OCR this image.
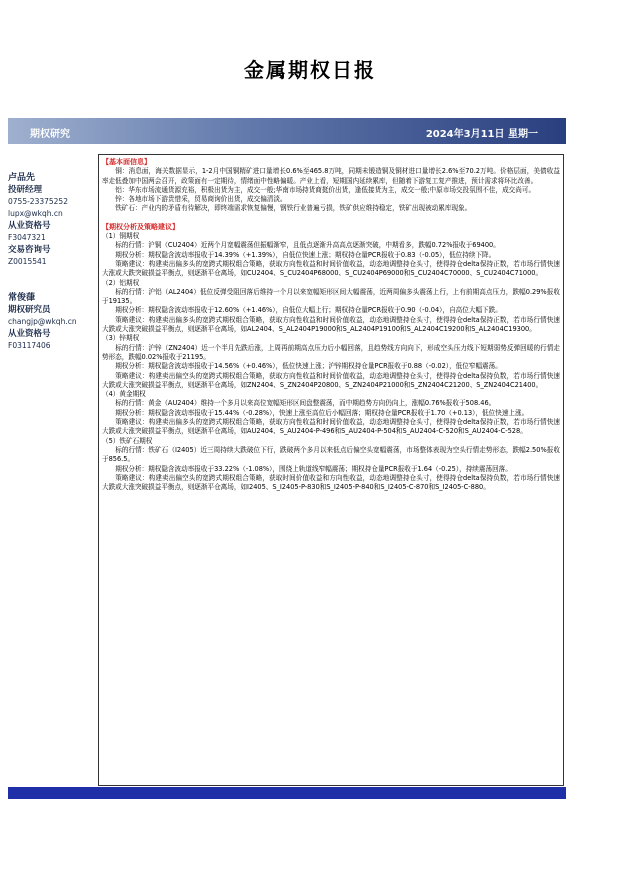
金属期权日报
期权研究	2024年3月11日 星期一
卢品先
投研经理
0755-23375252
lupx@wkqh.cn
从业资格号
F3047321
交易咨询号
Z0015541
常俊葎
期权研究员
changjp@wkqh.cn
从业资格号
F03117406
【基本面信息】

铜：消息面，海关数据显示，1-2月中国铜精矿进口量增长0.6%至465.8万吨，同期未锻造铜及铜材进口量增长2.6%至70.2万吨。价格层面，美债收益率走低叠加中国两会召开，政策面有一定期待，情绪面中性略偏暖。产业上看，短期国内延续累库，但随着下游复工复产推进，预计需求将环比改善。

铝：华东市场流通货源充裕，积极出货为主，成交一般;华南市场持货商挺价出货，逢低接货为主，成交一般;中原市场交投氛围不佳，成交尚可。

锌：各地市场下游贵惜采，贸易商询价出货，成交偏清淡。

铁矿石：产业内的矛盾有待解决，即终端需求恢复偏慢，钢铁行业普遍亏损，铁矿供应维持稳定，铁矿出现被动累库现象。

【期权分析及策略建议】
（1）铜期权

标的行情：沪铜（CU2404）近两个月宽幅震荡但振幅渐窄，且低点逐渐升高高点逐渐突破，中期看多，跌幅0.72%报收于69400。

期权分析：期权隐含波动率报收于14.39%（+1.39%），自低位快速上涨；期权持仓量PCR报收于0.83（-0.05），低位持续下降。

策略建议：构建卖出偏多头的宽跨式期权组合策略，获取方向性收益和时间价值收益，动态地调整持仓头寸，使得持仓delta保持正数，若市场行情快速大涨或大跌突破损益平衡点，则逐渐平仓离场，如CU2404、S_CU2404P68000、S_CU2404P69000和S_CU2404C70000、S_CU2404C71000。

（2）铝期权

标的行情：沪铝（AL2404）低位反弹受阻回落后维持一个月以来宽幅矩形区间大幅震荡，近两周偏多头震荡上行，上有前期高点压力，跌幅0.29%报收于19135。

期权分析：期权隐含波动率报收于12.60%（+1.46%），自低位大幅上行；期权持仓量PCR报收于0.90（-0.04），自高位大幅下跌。

策略建议：构建卖出偏多头的宽跨式期权组合策略，获取方向性收益和时间价值收益，动态地调整持仓头寸，使得持仓delta保持正数，若市场行情快速大跌或大涨突破损益平衡点，则逐渐平仓离场，如AL2404、S_AL2404P19000和S_AL2404P19100和S_AL2404C19200和S_AL2404C19300。

（3）锌期权

标的行情：沪锌（ZN2404）近一个半月先跌后涨，上周再前期高点压力后小幅回落，且趋势线方向向下，形成空头压力线下短期弱势反弹回暖的行情走势形态，跌幅0.02%报收于21195。

期权分析：期权隐含波动率报收于14.56%（+0.46%），低位快速上涨；沪锌期权持仓量PCR报收于0.88（-0.02），低位窄幅震荡。

策略建议：构建卖出偏空头的宽跨式期权组合策略，获取方向性收益和时间价值收益，动态地调整持仓头寸，使得持仓delta保持负数，若市场行情快速大跌或大涨突破损益平衡点，则逐渐平仓离场，如ZN2404、S_ZN2404P20800、S_ZN2404P21000和S_ZN2404C21200、S_ZN2404C21400。

（4）黄金期权

标的行情：黄金（AU2404）维持一个多月以来高位宽幅矩形区间盘整震荡，而中期趋势方向仍向上，涨幅0.76%报收于508.46。

期权分析：期权隐含波动率报收于15.44%（-0.28%），快速上涨至高位后小幅回落；期权持仓量PCR报收于1.70（+0.13），低位快速上涨。

策略建议：构建卖出偏多头的宽跨式期权组合策略，获取方向性收益和时间价值收益，动态地调整持仓头寸，使得持仓delta保持正数，若市场行情快速大跌或大涨突破损益平衡点，则逐渐平仓离场，如AU2404、S_AU2404-P-496和S_AU2404-P-504和S_AU2404-C-520和S_AU2404-C-528。

（5）铁矿石期权

标的行情：铁矿石（I2405）近三周持续大跌破位下行，跌破两个多月以来低点后偏空头宽幅震荡，市场整体表现为空头行情走势形态，跌幅2.50%报收于856.5。

期权分析：期权隐含波动率报收于33.22%（-1.08%），围绕上轨道线窄幅震荡；期权持仓量PCR报收于1.64（-0.25），持续震荡回落。

策略建议：构建卖出偏空头的宽跨式期权组合策略，获取时间价值收益和方向性收益，动态地调整持仓头寸，使得持仓delta保持负数，若市场行情快速大跌或大涨突破损益平衡点，则逐渐平仓离场，如I2405、S_I2405-P-830和S_I2405-P-840和S_I2405-C-870和S_I2405-C-880。
